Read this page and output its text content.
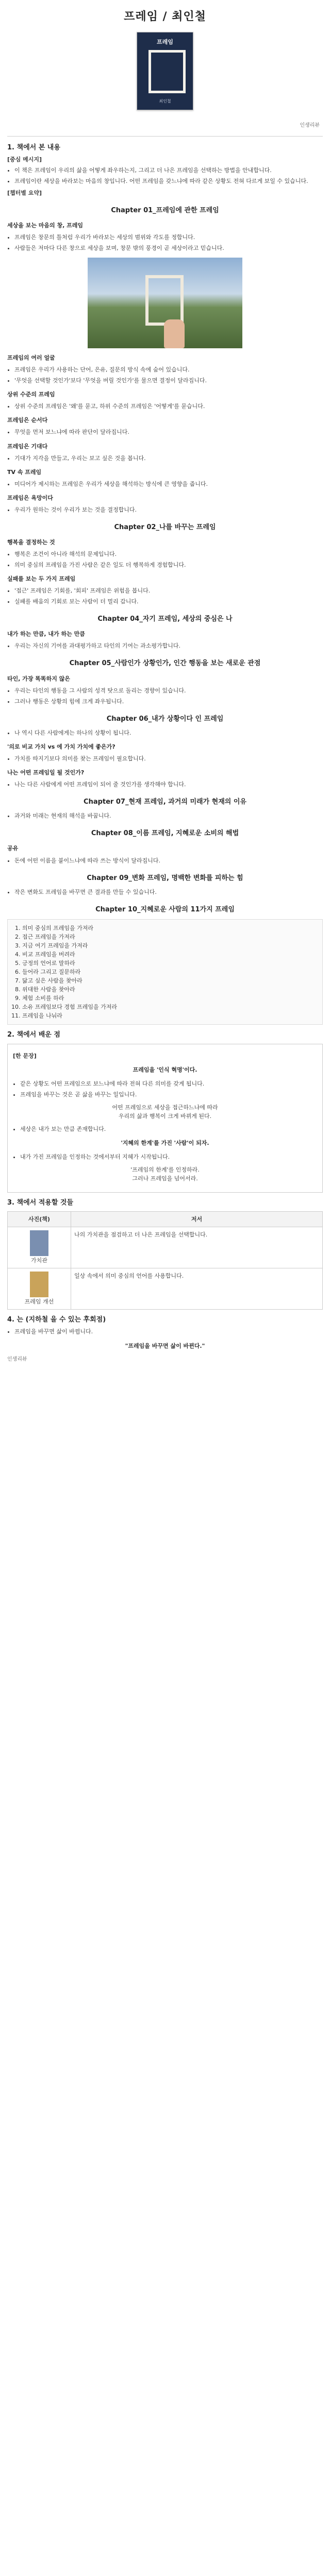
프레임 / 최인철
프레임
최인철
인생리뷰
1. 책에서 본 내용
[중심 메시지]
• 이 책은 프레임이 우리의 삶을 어떻게 좌우하는지, 그리고 더 나은 프레임을 선택하는 방법을 안내합니다.
• 프레임이란 세상을 바라보는 마음의 창입니다. 어떤 프레임을 갖느냐에 따라 같은 상황도 전혀 다르게 보일 수 있습니다.
[챕터별 요약]
Chapter 01_프레임에 관한 프레임
세상을 보는 마음의 창, 프레임
• 프레임은 창문의 틀처럼 우리가 바라보는 세상의 범위와 각도를 정합니다.
• 사람들은 저마다 다른 창으로 세상을 보며, 창문 밖의 풍경이 곧 세상이라고 믿습니다.
프레임의 여러 얼굴
• 프레임은 우리가 사용하는 단어, 은유, 질문의 방식 속에 숨어 있습니다.
• '무엇을 선택할 것인가'보다 '무엇을 버릴 것인가'를 물으면 결정이 달라집니다.
상위 수준의 프레임
• 상위 수준의 프레임은 '왜'를 묻고, 하위 수준의 프레임은 '어떻게'를 묻습니다.
프레임은 순서다
• 무엇을 먼저 보느냐에 따라 판단이 달라집니다.
프레임은 기대다
• 기대가 지각을 만들고, 우리는 보고 싶은 것을 봅니다.
TV 속 프레임
• 미디어가 제시하는 프레임은 우리가 세상을 해석하는 방식에 큰 영향을 줍니다.
프레임은 욕망이다
• 우리가 원하는 것이 우리가 보는 것을 결정합니다.
Chapter 02_나를 바꾸는 프레임
행복을 결정하는 것
• 행복은 조건이 아니라 해석의 문제입니다.
• 의미 중심의 프레임을 가진 사람은 같은 일도 더 행복하게 경험합니다.
실패를 보는 두 가지 프레임
• '접근' 프레임은 기회를, '회피' 프레임은 위험을 봅니다.
• 실패를 배움의 기회로 보는 사람이 더 멀리 갑니다.
Chapter 04_자기 프레임, 세상의 중심은 나
내가 하는 만큼, 내가 하는 만큼
• 우리는 자신의 기여를 과대평가하고 타인의 기여는 과소평가합니다.
Chapter 05_사람인가 상황인가, 인간 행동을 보는 새로운 관점
타인, 가장 똑똑하지 않은
• 우리는 타인의 행동을 그 사람의 성격 탓으로 돌리는 경향이 있습니다.
• 그러나 행동은 상황의 힘에 크게 좌우됩니다.
Chapter 06_내가 상황이다 인 프레임
• 나 역시 다른 사람에게는 하나의 상황이 됩니다.
'의로 비교 가치 vs 에 가치 가치에 좋은가?
• 가치를 따지기보다 의미를 찾는 프레임이 필요합니다.
나는 어떤 프레임일 될 것인가?
• 나는 다른 사람에게 어떤 프레임이 되어 줄 것인가를 생각해야 합니다.
Chapter 07_현재 프레임, 과거의 미래가 현재의 이유
• 과거와 미래는 현재의 해석을 바꿉니다.
Chapter 08_이름 프레임, 지혜로운 소비의 해법
공유
• 돈에 어떤 이름을 붙이느냐에 따라 쓰는 방식이 달라집니다.
Chapter 09_변화 프레임, 명백한 변화를 피하는 힘
• 작은 변화도 프레임을 바꾸면 큰 결과를 만들 수 있습니다.
Chapter 10_지혜로운 사람의 11가지 프레임
1. 의미 중심의 프레임을 가져라
2. 접근 프레임을 가져라
3. 지금 여기 프레임을 가져라
4. 비교 프레임을 버려라
5. 긍정의 언어로 말하라
6. 들어라 그리고 질문하라
7. 닮고 싶은 사람을 찾아라
8. 위대한 사람을 찾아라
9. 체험 소비를 하라
10. 소유 프레임보다 경험 프레임을 가져라
11. 프레임을 나눠라
2. 책에서 배운 점
[한 문장]
프레임을 '인식 혁명'이다.
• 같은 상황도 어떤 프레임으로 보느냐에 따라 전혀 다른 의미를 갖게 됩니다.
• 프레임을 바꾸는 것은 곧 삶을 바꾸는 일입니다.
어떤 프레임으로 세상을 접근하느냐에 따라
우리의 삶과 행복이 크게 바뀌게 된다.
• 세상은 내가 보는 만큼 존재합니다.
'지혜의 한계'를 가진 '사람'이 되자.
• 내가 가진 프레임을 인정하는 것에서부터 지혜가 시작됩니다.
'프레임의 한계'를 인정하라.
그러나 프레임을 넘어서라.
3. 책에서 적용할 것들
사진(책)	저서

가치관	나의 가치관을 점검하고 더 나은 프레임을 선택합니다.

프레임 개선	일상 속에서 의미 중심의 언어를 사용합니다.
4. 는 (지하철 을 수 있는 후회점)
• 프레임을 바꾸면 삶이 바뀝니다.
"프레임을 바꾸면 삶이 바뀐다."
인생리뷰
